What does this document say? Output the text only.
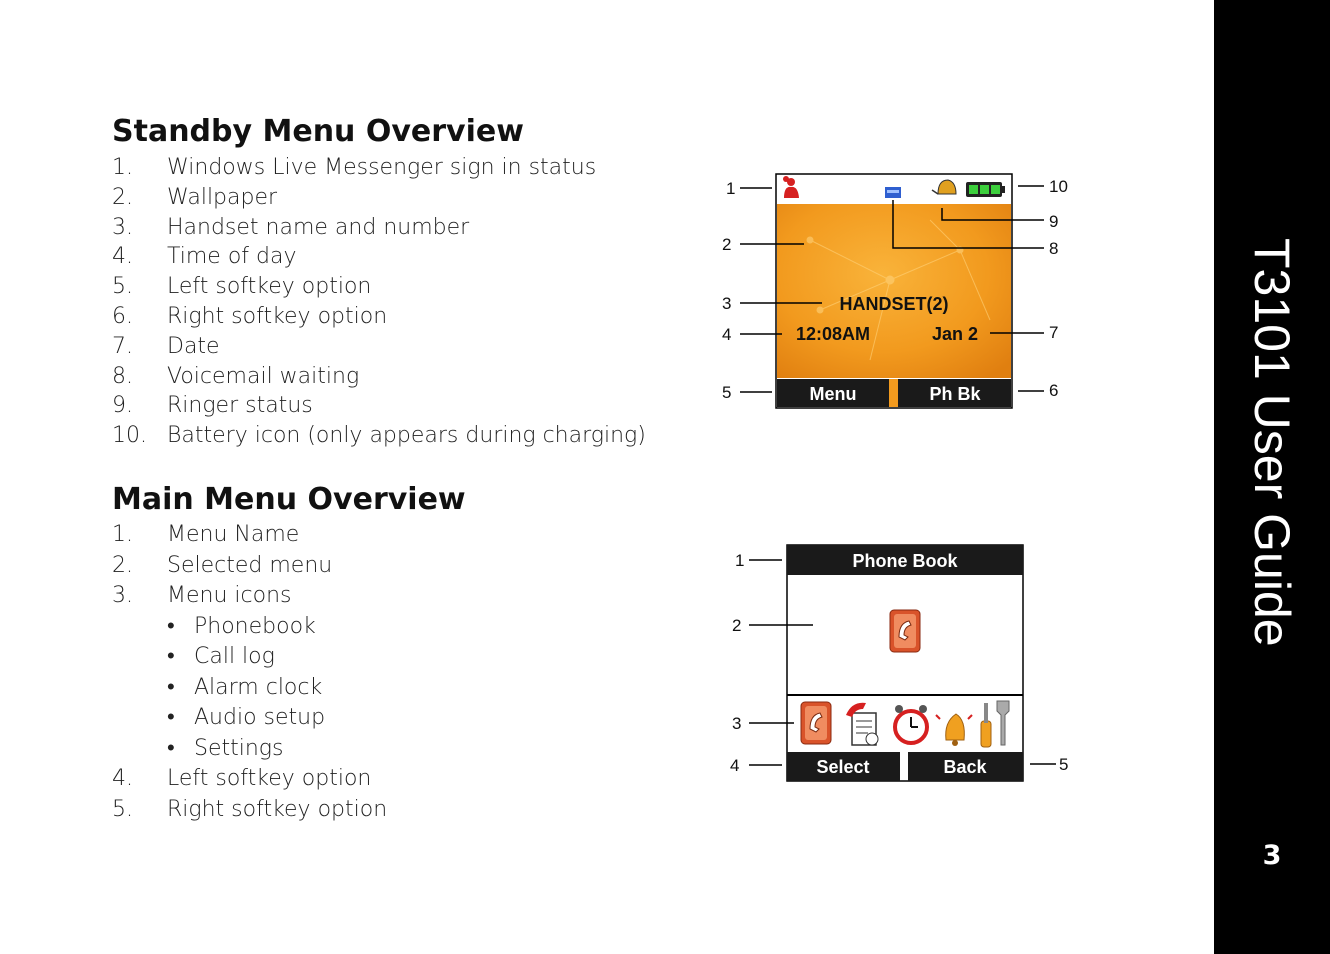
T3101 User Guide
3
Standby Menu Overview
1.	Windows Live Messenger sign in status
2.	Wallpaper
3.	Handset name and number
4.	Time of day
5.	Left softkey option
6.	Right softkey option
7.	Date
8.	Voicemail waiting
9.	Ringer status
10. Battery icon (only appears during charging)
Main Menu Overview
1.	Menu Name
2.	Selected menu
3.	Menu icons
• Phonebook
• Call log
• Alarm clock
• Audio setup
• Settings
4.	Left softkey option
5.	Right softkey option
HANDSET(2)
12:08AM	Jan 2
Menu	Ph Bk
1
2
3
4
5	6
7
8
9
10
Phone Book
Select	Back
1
2
3
4	5
